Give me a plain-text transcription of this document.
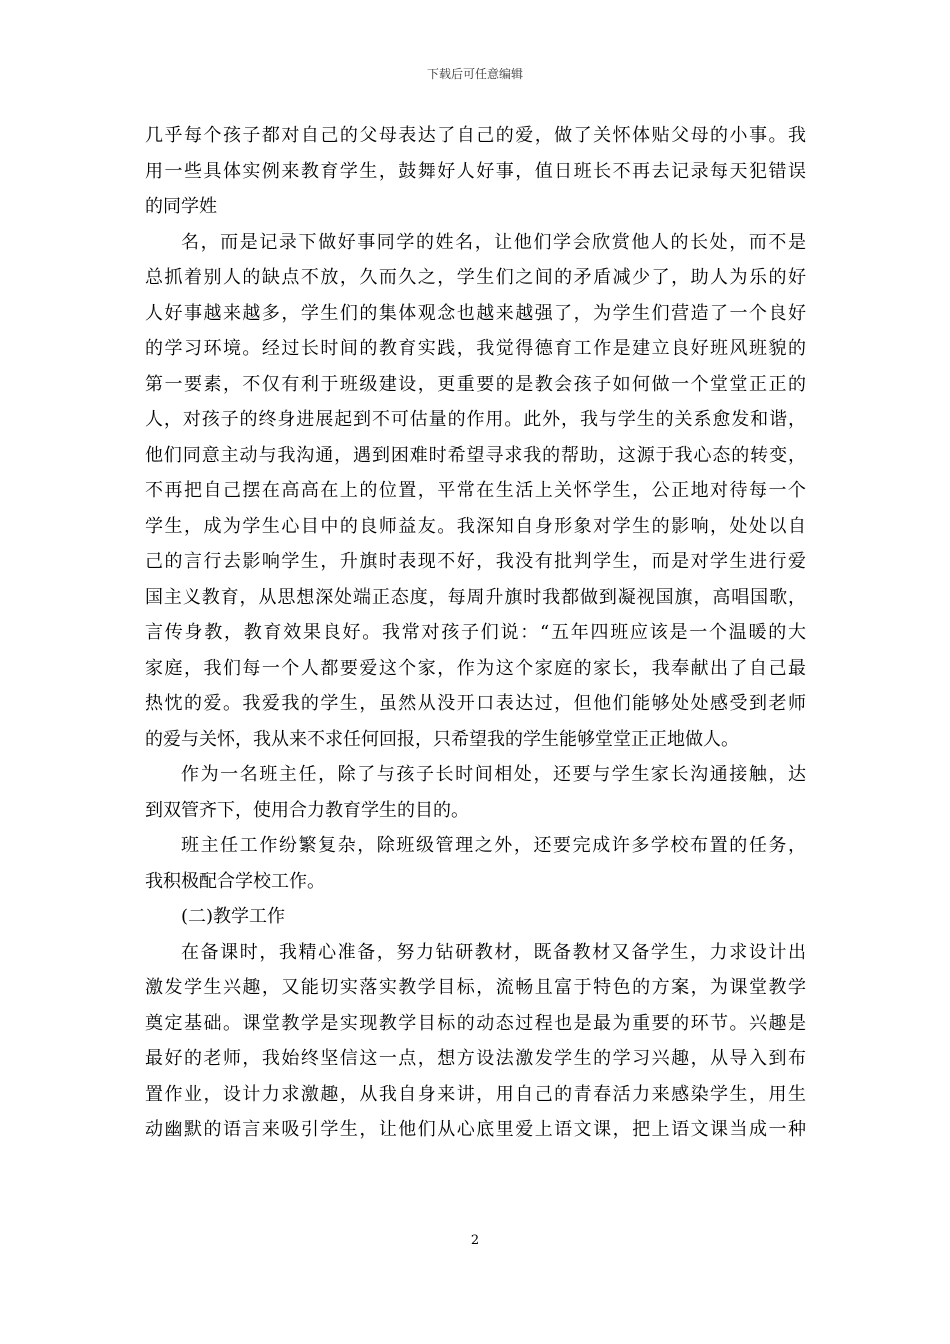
下载后可任意编辑

几乎每个孩子都对自己的父母表达了自己的爱，做了关怀体贴父母的小事。我
用一些具体实例来教育学生，鼓舞好人好事，值日班长不再去记录每天犯错误
的同学姓

名，而是记录下做好事同学的姓名，让他们学会欣赏他人的长处，而不是
总抓着别人的缺点不放，久而久之，学生们之间的矛盾减少了，助人为乐的好
人好事越来越多，学生们的集体观念也越来越强了，为学生们营造了一个良好
的学习环境。经过长时间的教育实践，我觉得德育工作是建立良好班风班貌的
第一要素，不仅有利于班级建设，更重要的是教会孩子如何做一个堂堂正正的
人，对孩子的终身进展起到不可估量的作用。此外，我与学生的关系愈发和谐，
他们同意主动与我沟通，遇到困难时希望寻求我的帮助，这源于我心态的转变，
不再把自己摆在高高在上的位置，平常在生活上关怀学生，公正地对待每一个
学生，成为学生心目中的良师益友。我深知自身形象对学生的影响，处处以自
己的言行去影响学生，升旗时表现不好，我没有批判学生，而是对学生进行爱
国主义教育，从思想深处端正态度，每周升旗时我都做到凝视国旗，高唱国歌，
言传身教，教育效果良好。我常对孩子们说：“五年四班应该是一个温暖的大
家庭，我们每一个人都要爱这个家，作为这个家庭的家长，我奉献出了自己最
热忱的爱。我爱我的学生，虽然从没开口表达过，但他们能够处处感受到老师
的爱与关怀，我从来不求任何回报，只希望我的学生能够堂堂正正地做人。

作为一名班主任，除了与孩子长时间相处，还要与学生家长沟通接触，达
到双管齐下，使用合力教育学生的目的。

班主任工作纷繁复杂，除班级管理之外，还要完成许多学校布置的任务，
我积极配合学校工作。

(二)教学工作

在备课时，我精心准备，努力钻研教材，既备教材又备学生，力求设计出
激发学生兴趣，又能切实落实教学目标，流畅且富于特色的方案，为课堂教学
奠定基础。课堂教学是实现教学目标的动态过程也是最为重要的环节。兴趣是
最好的老师，我始终坚信这一点，想方设法激发学生的学习兴趣，从导入到布
置作业，设计力求激趣，从我自身来讲，用自己的青春活力来感染学生，用生
动幽默的语言来吸引学生，让他们从心底里爱上语文课，把上语文课当成一种

2
